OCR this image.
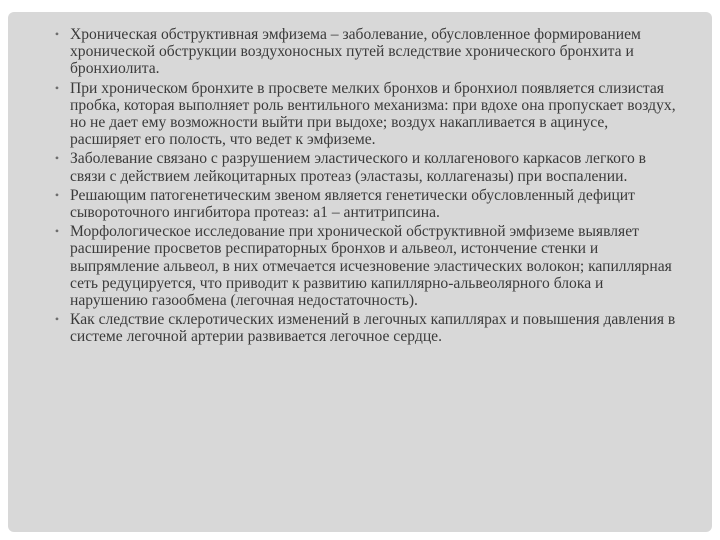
• Хроническая обструктивная эмфизема – заболевание, обусловленное формированием хронической обструкции воздухоносных путей вследствие хронического бронхита и бронхиолита.
• При хроническом бронхите в просвете мелких бронхов и бронхиол появляется слизистая пробка, которая выполняет роль вентильного механизма: при вдохе она пропускает воздух, но не дает ему возможности выйти при выдохе; воздух накапливается в ацинусе, расширяет его полость, что ведет к эмфиземе.
• Заболевание связано с разрушением эластического и коллагенового каркасов легкого в связи с действием лейкоцитарных протеаз (эластазы, коллагеназы) при воспалении.
• Решающим патогенетическим звеном является генетически обусловленный дефицит сывороточного ингибитора протеаз: а1 – антитрипсина.
• Морфологическое исследование при хронической обструктивной эмфиземе выявляет расширение просветов респираторных бронхов и альвеол, истончение стенки и выпрямление альвеол, в них отмечается исчезновение эластических волокон; капиллярная сеть редуцируется, что приводит к развитию капиллярно-альвеолярного блока и нарушению газообмена (легочная недостаточность).
• Как следствие склеротических изменений в легочных капиллярах и повышения давления в системе легочной артерии развивается легочное сердце.
